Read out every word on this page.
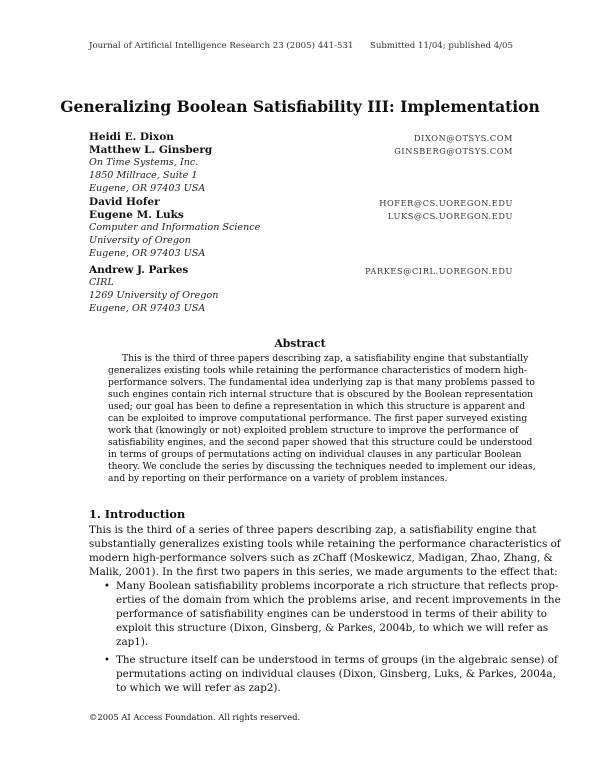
Journal of Artificial Intelligence Research 23 (2005) 441-531 Submitted 11/04; published 4/05
Generalizing Boolean Satisfiability III: Implementation
Heidi E. Dixon	DIXON@OTSYS.COM
Matthew L. Ginsberg	GINSBERG@OTSYS.COM
On Time Systems, Inc.
1850 Millrace, Suite 1
Eugene, OR 97403 USA
David Hofer	HOFER@CS.UOREGON.EDU
Eugene M. Luks	LUKS@CS.UOREGON.EDU
Computer and Information Science
University of Oregon
Eugene, OR 97403 USA
Andrew J. Parkes	PARKES@CIRL.UOREGON.EDU
CIRL
1269 University of Oregon
Eugene, OR 97403 USA
Abstract
This is the third of three papers describing zap, a satisfiability engine that substantially
generalizes existing tools while retaining the performance characteristics of modern high-
performance solvers. The fundamental idea underlying zap is that many problems passed to
such engines contain rich internal structure that is obscured by the Boolean representation
used; our goal has been to define a representation in which this structure is apparent and
can be exploited to improve computational performance. The first paper surveyed existing
work that (knowingly or not) exploited problem structure to improve the performance of
satisfiability engines, and the second paper showed that this structure could be understood
in terms of groups of permutations acting on individual clauses in any particular Boolean
theory. We conclude the series by discussing the techniques needed to implement our ideas,
and by reporting on their performance on a variety of problem instances.
1. Introduction
This is the third of a series of three papers describing zap, a satisfiability engine that
substantially generalizes existing tools while retaining the performance characteristics of
modern high-performance solvers such as zChaff (Moskewicz, Madigan, Zhao, Zhang, &
Malik, 2001). In the first two papers in this series, we made arguments to the effect that:
• Many Boolean satisfiability problems incorporate a rich structure that reflects prop-
erties of the domain from which the problems arise, and recent improvements in the
performance of satisfiability engines can be understood in terms of their ability to
exploit this structure (Dixon, Ginsberg, & Parkes, 2004b, to which we will refer as
zap1).
• The structure itself can be understood in terms of groups (in the algebraic sense) of
permutations acting on individual clauses (Dixon, Ginsberg, Luks, & Parkes, 2004a,
to which we will refer as zap2).
©2005 AI Access Foundation. All rights reserved.
